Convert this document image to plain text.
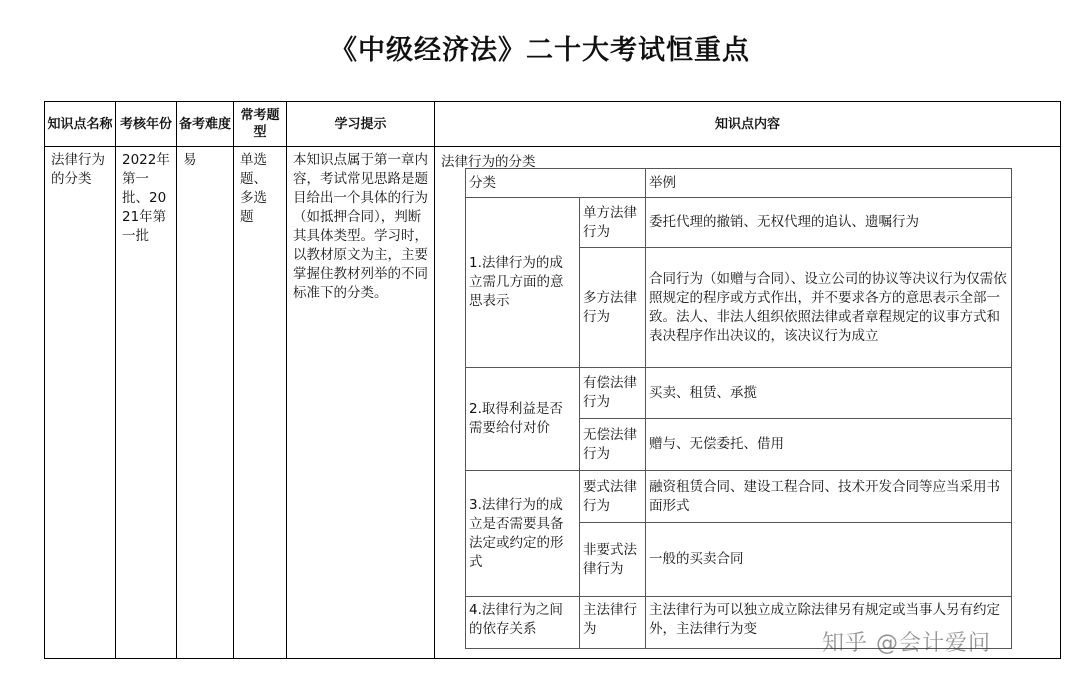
《中级经济法》二十大考试恒重点
知识点名称	考核年份	备考难度	常考题型	学习提示	知识点内容
法律行为的分类	2022年第一批、2021年第一批	易	单选题、多选题	本知识点属于第一章内容，考试常见思路是题目给出一个具体的行为（如抵押合同），判断其具体类型。学习时，以教材原文为主，主要掌握住教材列举的不同标准下的分类。	
法律行为的分类
分类	举例
1.法律行为的成立需几方面的意思表示	单方法律行为	委托代理的撤销、无权代理的追认、遗嘱行为
多方法律行为	合同行为（如赠与合同）、设立公司的协议等决议行为仅需依照规定的程序或方式作出，并不要求各方的意思表示全部一致。法人、非法人组织依照法律或者章程规定的议事方式和表决程序作出决议的，该决议行为成立
2.取得利益是否需要给付对价	有偿法律行为	买卖、租赁、承揽
无偿法律行为	赠与、无偿委托、借用
3.法律行为的成立是否需要具备法定或约定的形式	要式法律行为	融资租赁合同、建设工程合同、技术开发合同等应当采用书面形式
非要式法律行为	一般的买卖合同
4.法律行为之间的依存关系	主法律行为	主法律行为可以独立成立除法律另有规定或当事人另有约定外，主法律行为变
知乎 @会计爱问
